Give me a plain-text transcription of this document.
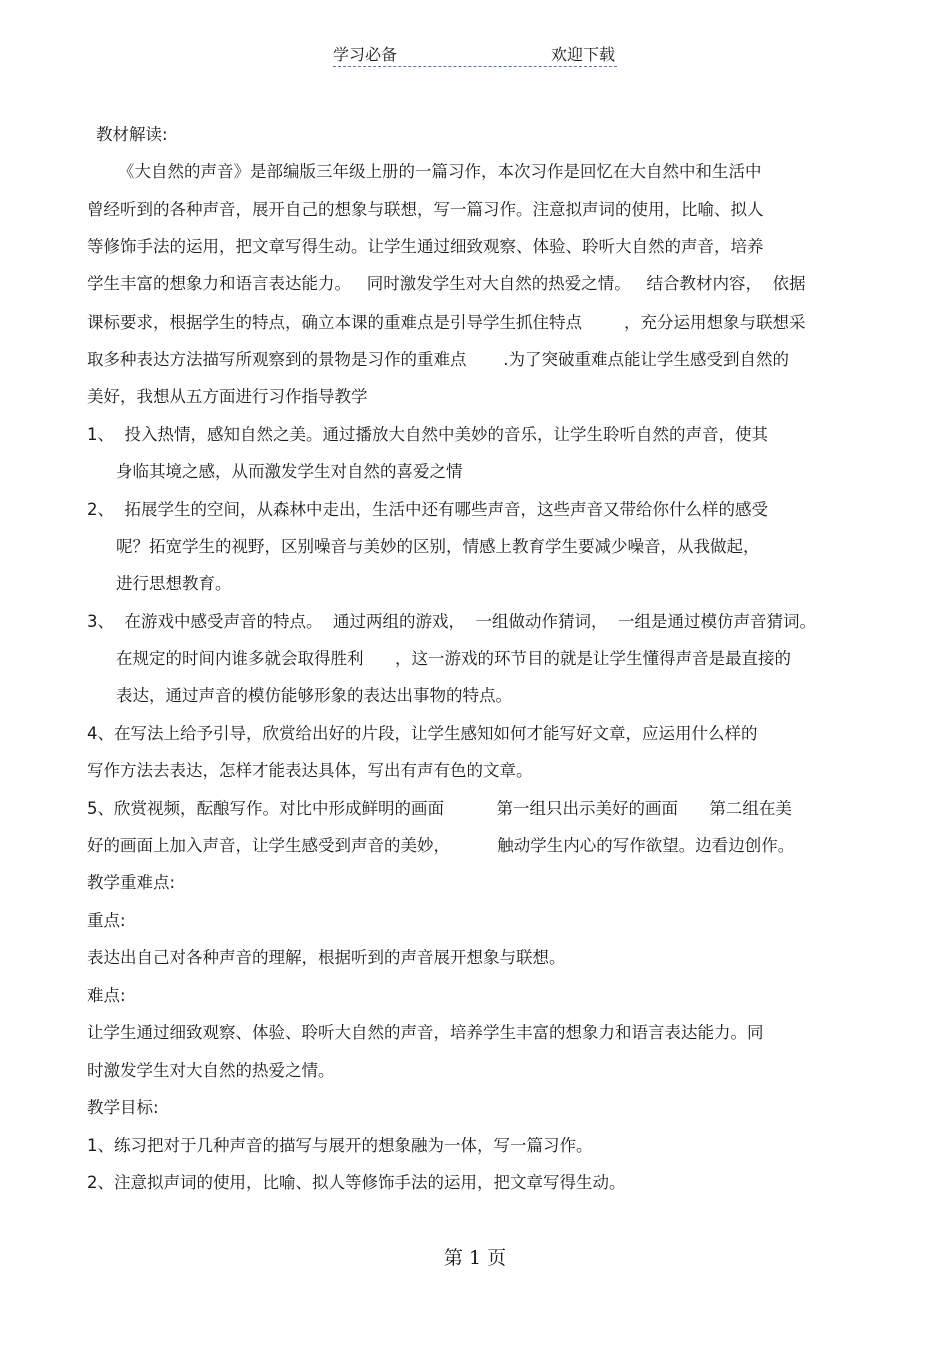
学习必备	欢迎下载
教材解读:
《大自然的声音》是部编版三年级上册的一篇习作，本次习作是回忆在大自然中和生活中
曾经听到的各种声音，展开自己的想象与联想，写一篇习作。注意拟声词的使用，比喻、拟人
等修饰手法的运用，把文章写得生动。让学生通过细致观察、体验、聆听大自然的声音，培养
学生丰富的想象力和语言表达能力。   同时激发学生对大自然的热爱之情。   结合教材内容，  依据
课标要求，根据学生的特点，确立本课的重难点是引导学生抓住特点        ，充分运用想象与联想采
取多种表达方法描写所观察到的景物是习作的重难点       .为了突破重难点能让学生感受到自然的
美好，我想从五方面进行习作指导教学
1、  投入热情，感知自然之美。通过播放大自然中美妙的音乐，让学生聆听自然的声音，使其
身临其境之感，从而激发学生对自然的喜爱之情
2、  拓展学生的空间，从森林中走出，生活中还有哪些声音，这些声音又带给你什么样的感受
呢？拓宽学生的视野，区别噪音与美妙的区别，情感上教育学生要减少噪音，从我做起，
进行思想教育。
3、  在游戏中感受声音的特点。  通过两组的游戏，  一组做动作猜词，  一组是通过模仿声音猜词。
在规定的时间内谁多就会取得胜利      ，这一游戏的环节目的就是让学生懂得声音是最直接的
表达，通过声音的模仿能够形象的表达出事物的特点。
4、在写法上给予引导，欣赏给出好的片段，让学生感知如何才能写好文章，应运用什么样的
写作方法去表达，怎样才能表达具体，写出有声有色的文章。
5、欣赏视频，酝酿写作。对比中形成鲜明的画面          第一组只出示美好的画面      第二组在美
好的画面上加入声音，让学生感受到声音的美妙，         触动学生内心的写作欲望。边看边创作。
教学重难点:
重点:
表达出自己对各种声音的理解，根据听到的声音展开想象与联想。
难点:
让学生通过细致观察、体验、聆听大自然的声音，培养学生丰富的想象力和语言表达能力。同
时激发学生对大自然的热爱之情。
教学目标:
1、练习把对于几种声音的描写与展开的想象融为一体，写一篇习作。
2、注意拟声词的使用，比喻、拟人等修饰手法的运用，把文章写得生动。
第 1 页
